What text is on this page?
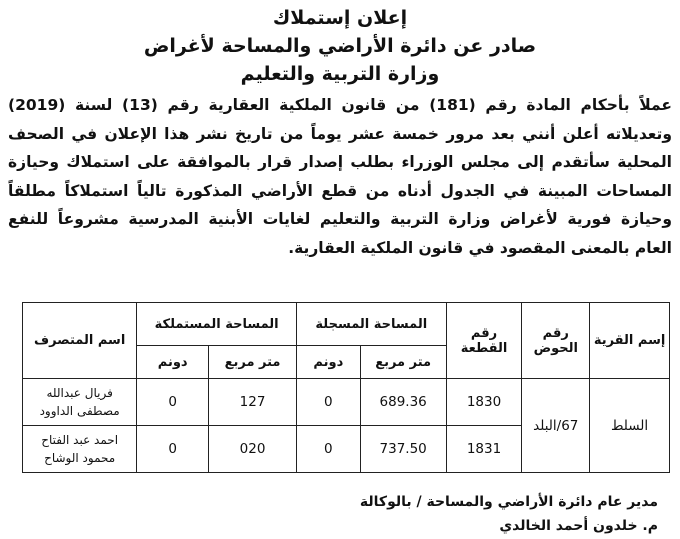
إعلان إستملاك
صادر عن دائرة الأراضي والمساحة لأغراض
وزارة التربية والتعليم
عملاً بأحكام المادة رقم (181) من قانون الملكية العقارية رقم (13) لسنة (2019) وتعديلاته أعلن أنني بعد مرور خمسة عشر يوماً من تاريخ نشر هذا الإعلان في الصحف المحلية سأتقدم إلى مجلس الوزراء بطلب إصدار قرار بالموافقة على استملاك وحيازة المساحات المبينة في الجدول أدناه من قطع الأراضي المذكورة تالياً استملاكاً مطلقاً وحيازة فورية لأغراض وزارة التربية والتعليم لغايات الأبنية المدرسية مشروعاً للنفع العام بالمعنى المقصود في قانون الملكية العقارية.
إسم القرية	رقم الحوض	رقم القطعة	المساحة المسجلة		المساحة المستملكة		اسم المتصرف
			متر مربع	دونم	متر مربع	دونم	
السلط	67/البلد	1830	689.36	0	127	0	فريال عبدالله
مصطفى الداوود

		1831	737.50	0	020	0	احمد عبد الفتاح
محمود الوشاح
مدير عام دائرة الأراضي والمساحة / بالوكالة
م. خلدون أحمد الخالدي
